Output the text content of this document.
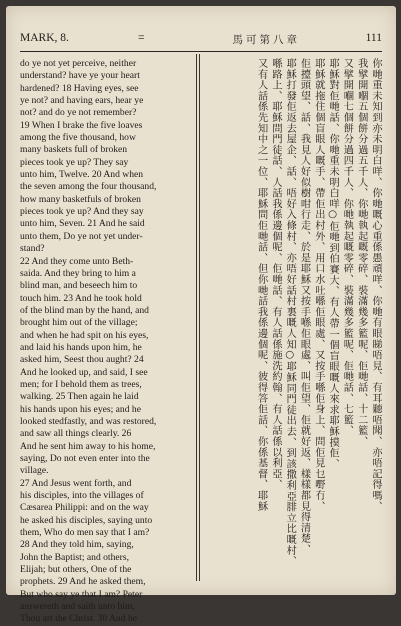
MARK, 8.	=	馬可第八章	111
do ye not yet perceive, neither
understand? have ye your heart
hardened? 18 Having eyes, see
ye not? and having ears, hear ye
not? and do ye not remember?
19 When I brake the five loaves
among the five thousand, how
many baskets full of broken
pieces took ye up? They say
unto him, Twelve. 20 And when
the seven among the four thousand,
how many basketfuls of broken
pieces took ye up? And they say
unto him, Seven. 21 And he said
unto them, Do ye not yet under-
stand?
22 And they come unto Beth-
saida. And they bring to him a
blind man, and beseech him to
touch him. 23 And he took hold
of the blind man by the hand, and
brought him out of the village;
and when he had spit on his eyes,
and laid his hands upon him, he
asked him, Seest thou aught? 24
And he looked up, and said, I see
men; for I behold them as trees,
walking. 25 Then again he laid
his hands upon his eyes; and he
looked stedfastly, and was restored,
and saw all things clearly. 26
And he sent him away to his home,
saying, Do not even enter into the
village.
27 And Jesus went forth, and
his disciples, into the villages of
Cæsarea Philippi: and on the way
he asked his disciples, saying unto
them, Who do men say that I am?
28 And they told him, saying,
John the Baptist; and others,
Elijah; but others, One of the
prophets. 29 And he asked them,
But who say ye that I am? Peter
answereth and saith unto him,
Thou art the Christ. 30 And he
你哋重未知到亦未明白咩、你哋嘅心重係愚頑咩、你哋有眼睇唔見、有耳聽唔聞、亦唔記得嗎、
我擘開嗰五個餅分過五千人、你哋執起嘅零碎、裝滿幾多籃呢、佢哋話、十二籃、
又擘開嗰七個餅分過四千人、你哋執起嘅零碎、裝滿幾多籃呢、佢哋話、七籃、
耶穌對佢哋話、你哋重未明白咩○佢哋到伯賽大、有人帶一個盲眼嘅人來求耶穌摸佢、
耶穌就拖住個盲眼人嘅手、帶佢出村外、用口水吐喺佢眼處、又按手喺佢身上、問佢見乜嘢冇、
佢擡頭望、話、我見人好似樹咁行走、於是耶穌又按手喺佢眼處、叫佢望、佢就好返、樣樣都見得清楚、
耶穌打發佢返去屋企、話、唔好入條村、亦唔好話村裏嘅人知○耶穌同門徒出去、到該撒利亞腓立比嘅村、
喺路上、耶穌問門徒話、人話我係邊個呢、佢哋話、有人話係施洗約翰、有人話係以利亞、
又有人話係先知中之一位、耶穌問佢哋話、但你哋話我係邊個呢、彼得答佢話、你係基督、耶穌
